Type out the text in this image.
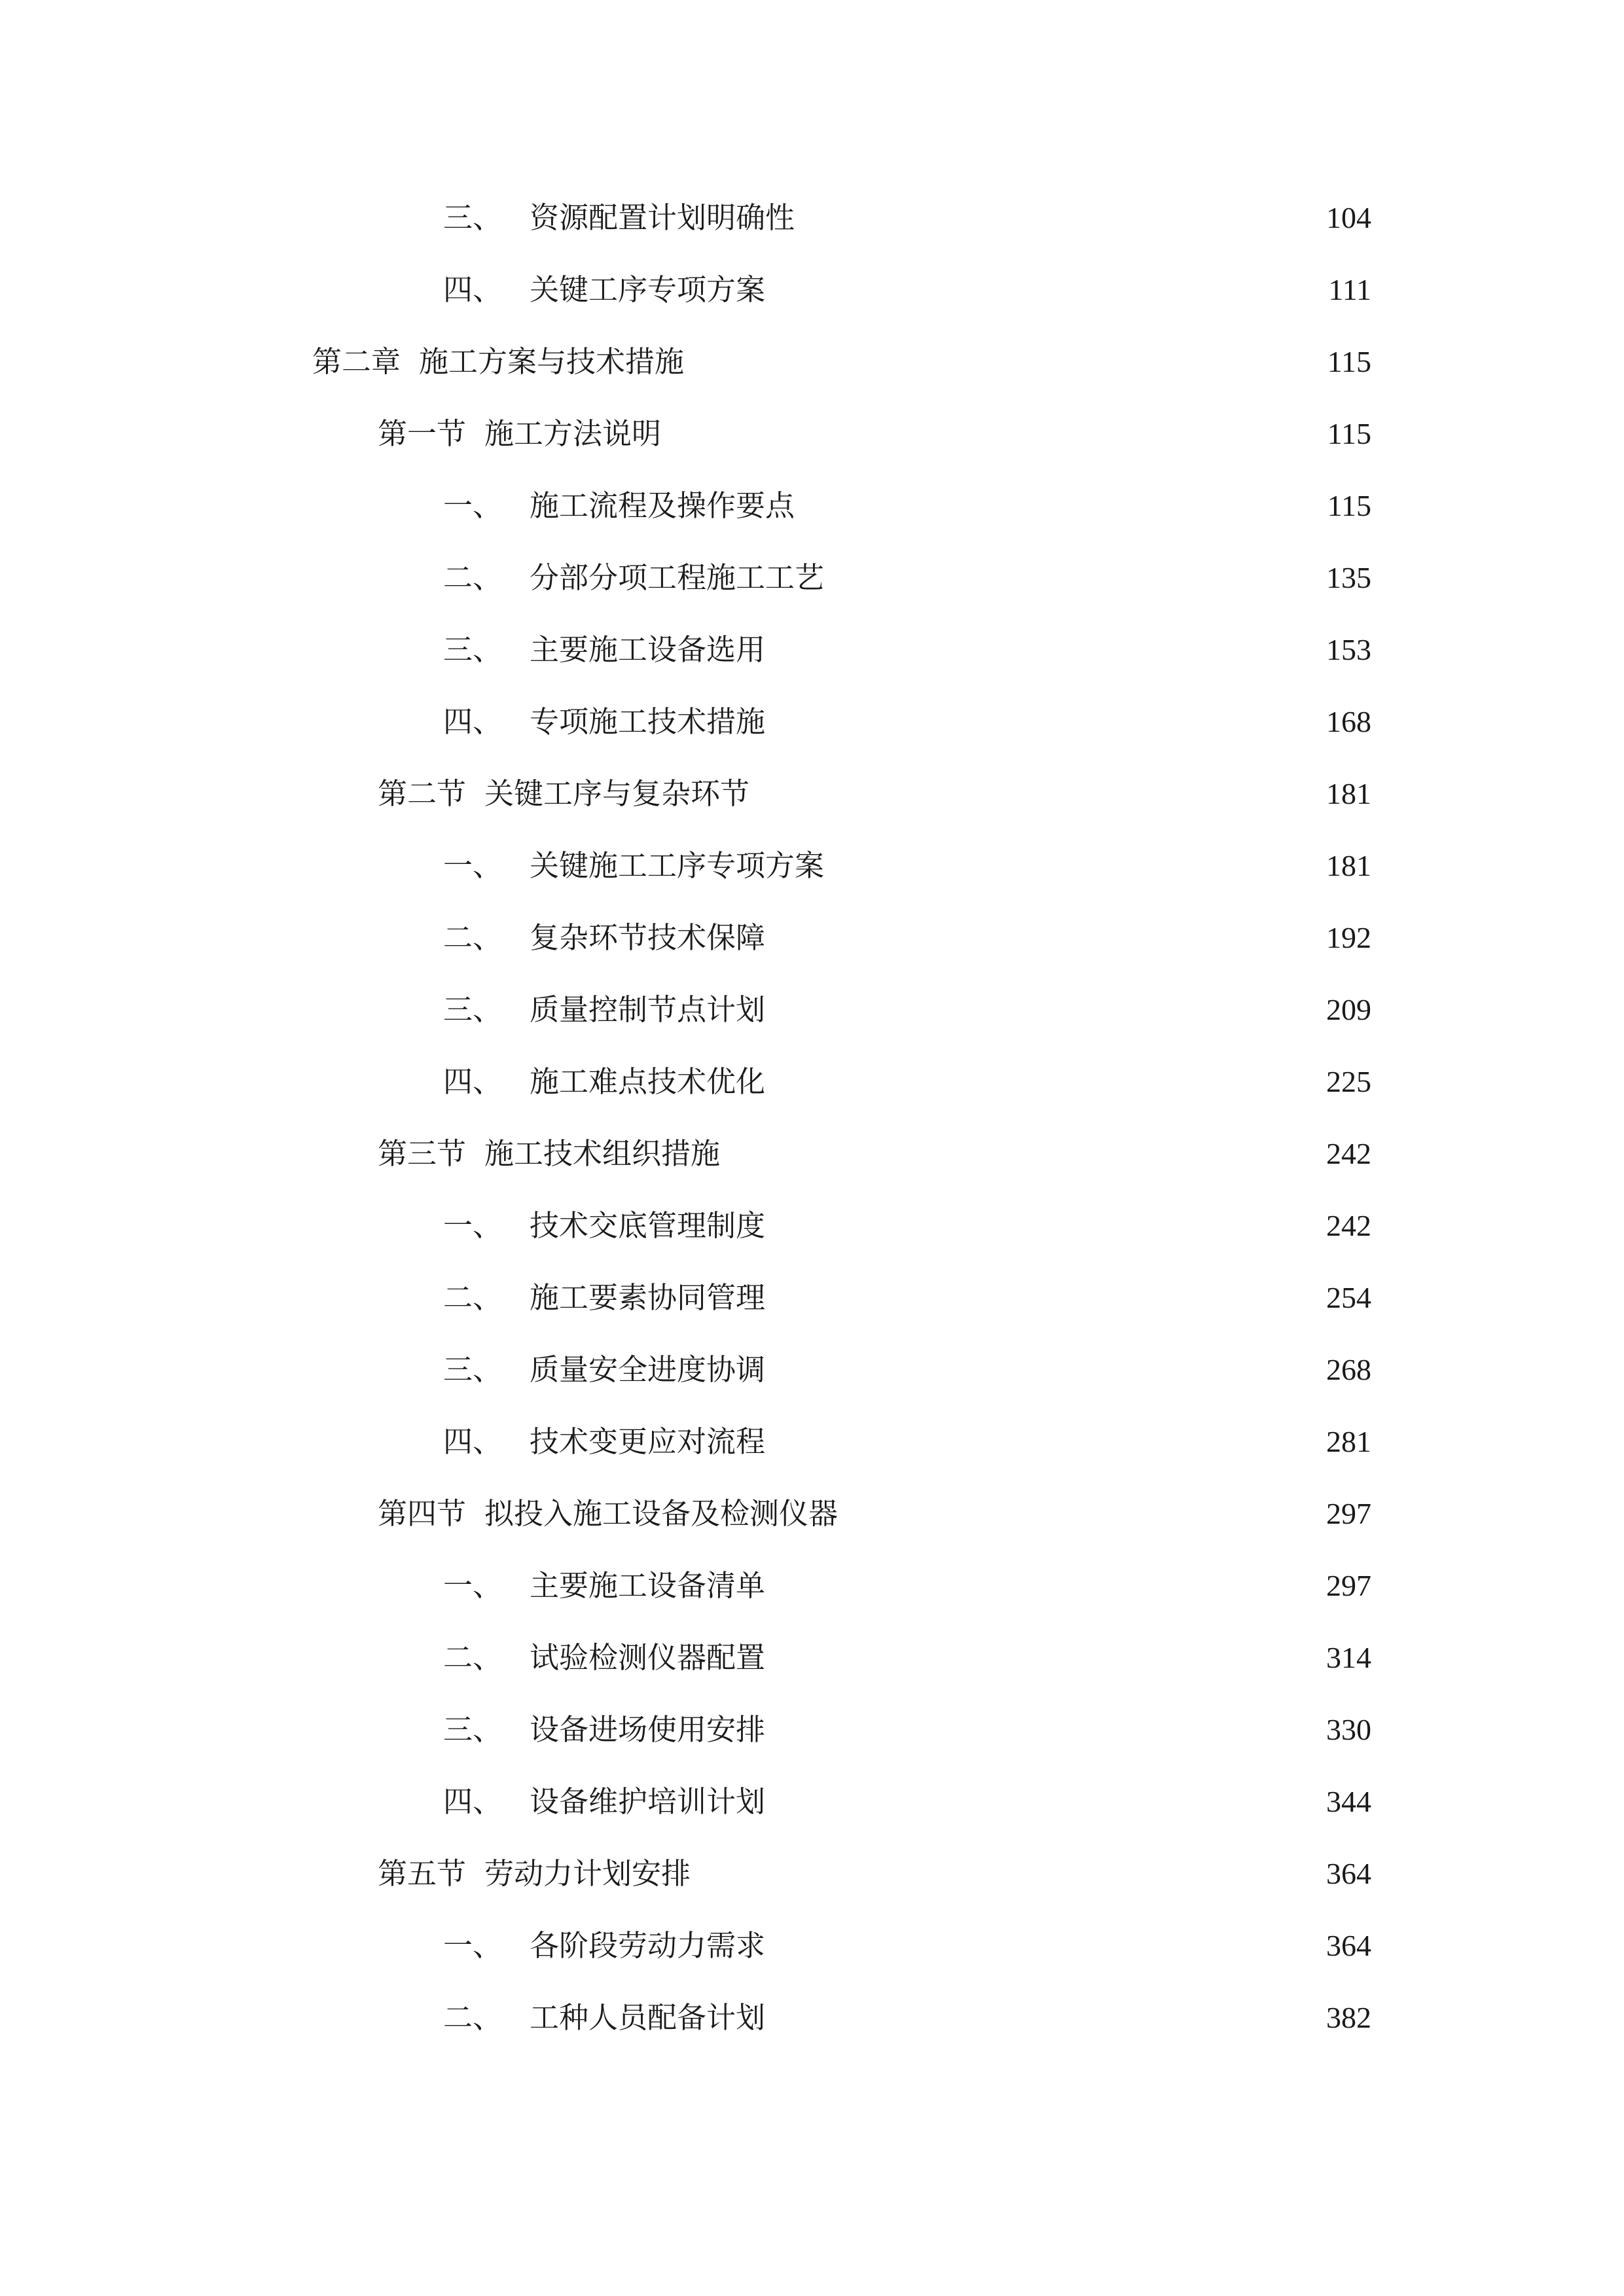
三、 资源配置计划明确性	104
四、 关键工序专项方案	111
第二章 施工方案与技术措施	115
第一节 施工方法说明	115
一、 施工流程及操作要点	115
二、 分部分项工程施工工艺	135
三、 主要施工设备选用	153
四、 专项施工技术措施	168
第二节 关键工序与复杂环节	181
一、 关键施工工序专项方案	181
二、 复杂环节技术保障	192
三、 质量控制节点计划	209
四、 施工难点技术优化	225
第三节 施工技术组织措施	242
一、 技术交底管理制度	242
二、 施工要素协同管理	254
三、 质量安全进度协调	268
四、 技术变更应对流程	281
第四节 拟投入施工设备及检测仪器	297
一、 主要施工设备清单	297
二、 试验检测仪器配置	314
三、 设备进场使用安排	330
四、 设备维护培训计划	344
第五节 劳动力计划安排	364
一、 各阶段劳动力需求	364
二、 工种人员配备计划	382
